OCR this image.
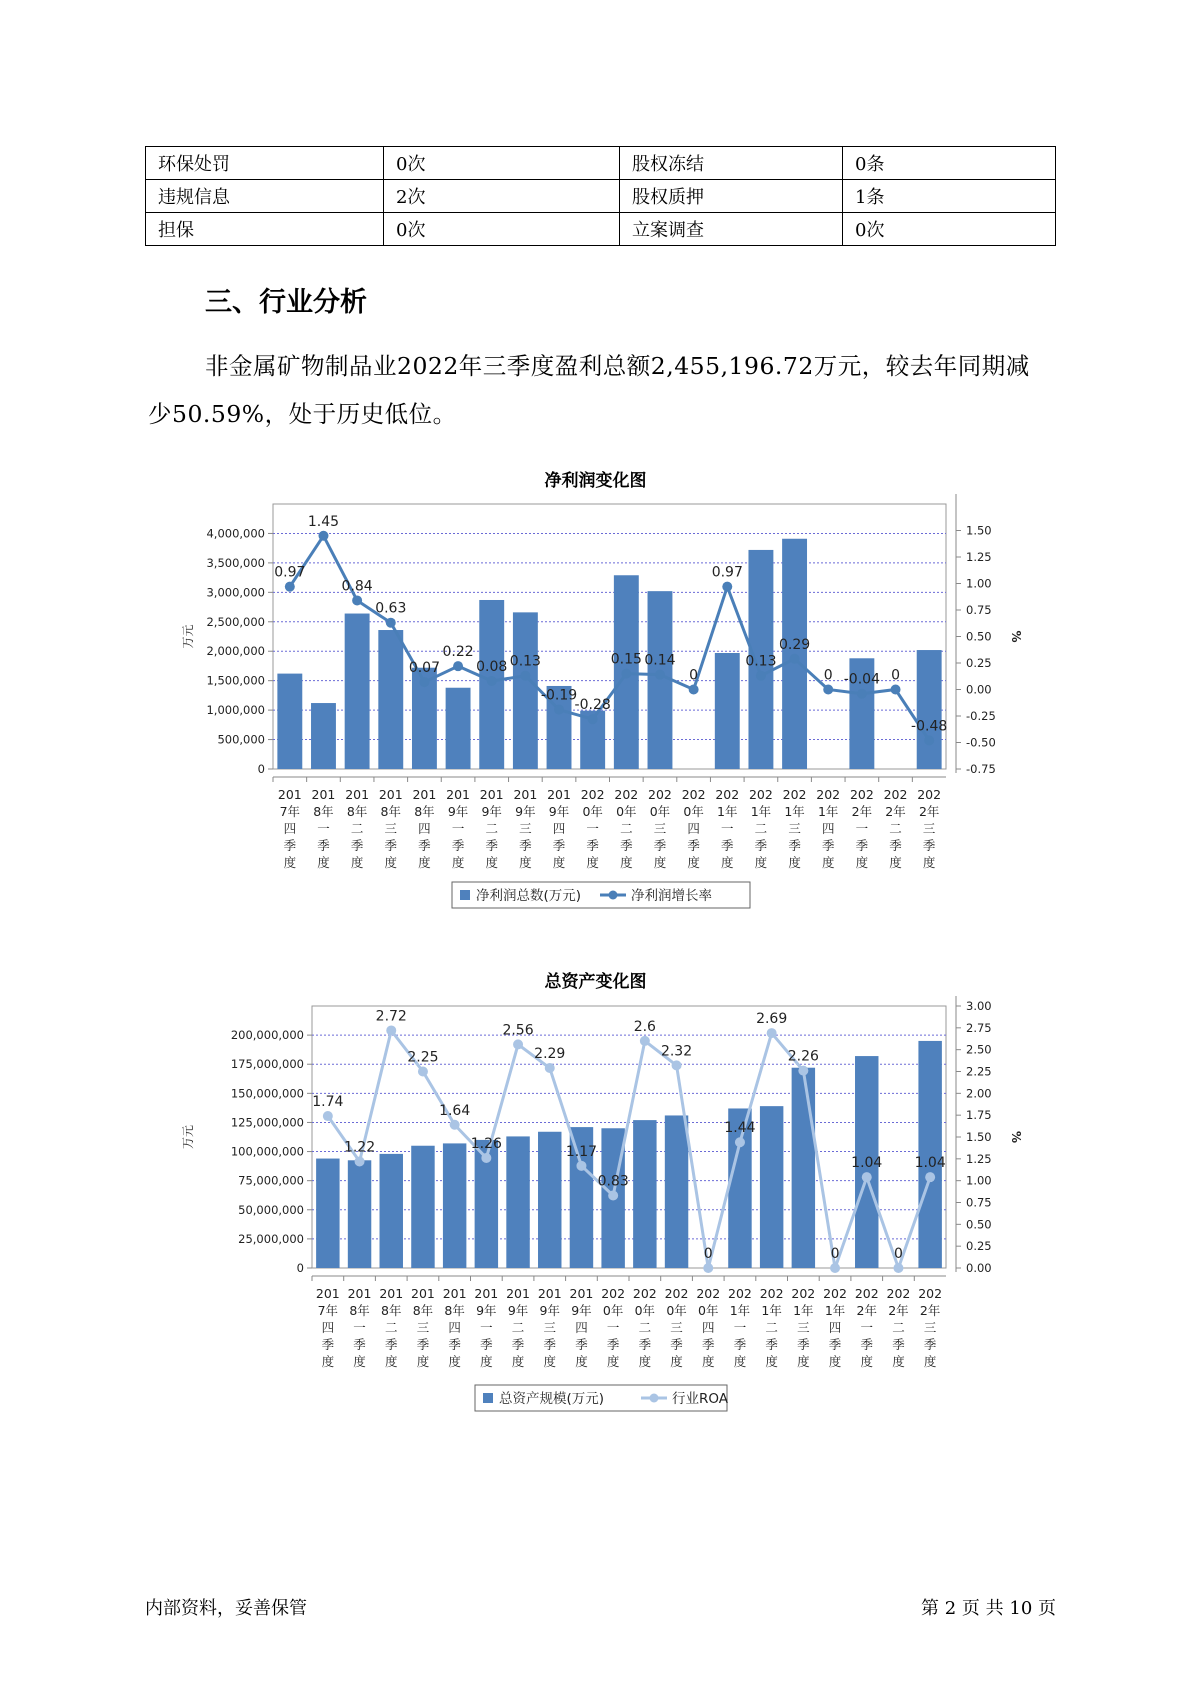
环保处罚	0次	股权冻结	0条
违规信息	2次	股权质押	1条
担保	0次	立案调查	0次
三、行业分析
非金属矿物制品业2022年三季度盈利总额2,455,196.72万元，较去年同期减少50.59%，处于历史低位。
净利润变化图
0
500,000
1,000,000
1,500,000
2,000,000
2,500,000
3,000,000
3,500,000
4,000,000
-0.75
-0.50
-0.25
0.00
0.25
0.50
0.75
1.00
1.25
1.50
万元	%
201 7年四季度
201 8年一季度
201 8年二季度
201 8年三季度
201 8年四季度
201 9年一季度
201 9年二季度
201 9年三季度
201 9年四季度
202 0年一季度
202 0年二季度
202 0年三季度
202 0年四季度
202 1年一季度
202 1年二季度
202 1年三季度
202 1年四季度
202 2年一季度
202 2年二季度
202 2年三季度
0.97
1.45
0.84
0.63
0.07
0.22
0.08 0.13
-0.19
-0.28
0.15 0.14
0
0.97
0.13
0.29
0 -0.04 0
-0.48
净利润总数(万元)	净利润增长率
总资产变化图
0
25,000,000
50,000,000
75,000,000
100,000,000
125,000,000
150,000,000
175,000,000
200,000,000
0.00
0.25
0.50
0.75
1.00
1.25
1.50
1.75
2.00
2.25
2.50
2.75
3.00
万元	%
201 7年四季度
201 8年一季度
201 8年二季度
201 8年三季度
201 8年四季度
201 9年一季度
201 9年二季度
201 9年三季度
201 9年四季度
202 0年一季度
202 0年二季度
202 0年三季度
202 0年四季度
202 1年一季度
202 1年二季度
202 1年三季度
202 1年四季度
202 2年一季度
202 2年二季度
202 2年三季度
1.74
1.22
2.72
2.25
1.64
1.26
2.56
2.29
1.17
0.83
2.6
2.32
0
1.44
2.69
2.26
0
1.04
0
1.04
总资产规模(万元)	行业ROA
内部资料，妥善保管	第 2 页 共 10 页
